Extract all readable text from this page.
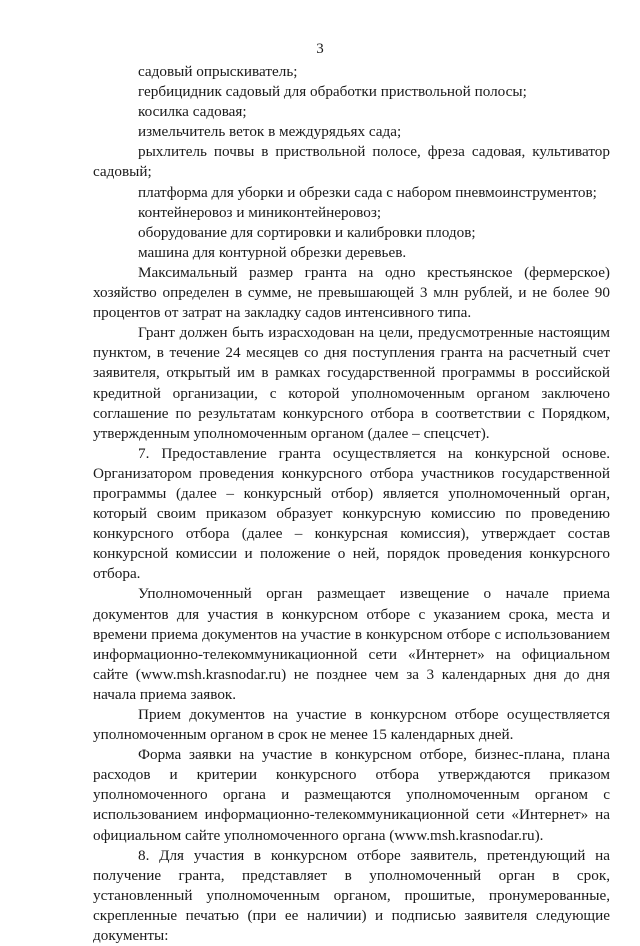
3

садовый опрыскиватель;

гербицидник садовый для обработки приствольной полосы;

косилка садовая;

измельчитель веток в междурядьях сада;

рыхлитель почвы в приствольной полосе, фреза садовая, культиватор садовый;

платформа для уборки и обрезки сада с набором пневмоинструментов;

контейнеровоз и миниконтейнеровоз;

оборудование для сортировки и калибровки плодов;

машина для контурной обрезки деревьев.

Максимальный размер гранта на одно крестьянское (фермерское) хозяйство определен в сумме, не превышающей 3 млн рублей, и не более 90 процентов от затрат на закладку садов интенсивного типа.

Грант должен быть израсходован на цели, предусмотренные настоящим пунктом, в течение 24 месяцев со дня поступления гранта на расчетный счет заявителя, открытый им в рамках государственной программы в российской кредитной организации, с которой уполномоченным органом заключено соглашение по результатам конкурсного отбора в соответствии с Порядком, утвержденным уполномоченным органом (далее – спецсчет).

7. Предоставление гранта осуществляется на конкурсной основе. Организатором проведения конкурсного отбора участников государственной программы (далее – конкурсный отбор) является уполномоченный орган, который своим приказом образует конкурсную комиссию по проведению конкурсного отбора (далее – конкурсная комиссия), утверждает состав конкурсной комиссии и положение о ней, порядок проведения конкурсного отбора.

Уполномоченный орган размещает извещение о начале приема документов для участия в конкурсном отборе с указанием срока, места и времени приема документов на участие в конкурсном отборе с использованием информационно-телекоммуникационной сети «Интернет» на официальном сайте (www.msh.krasnodar.ru) не позднее чем за 3 календарных дня до дня начала приема заявок.

Прием документов на участие в конкурсном отборе осуществляется уполномоченным органом в срок не менее 15 календарных дней.

Форма заявки на участие в конкурсном отборе, бизнес-плана, плана расходов и критерии конкурсного отбора утверждаются приказом уполномоченного органа и размещаются уполномоченным органом с использованием информационно-телекоммуникационной сети «Интернет» на официальном сайте уполномоченного органа (www.msh.krasnodar.ru).

8. Для участия в конкурсном отборе заявитель, претендующий на получение гранта, представляет в уполномоченный орган в срок, установленный уполномоченным органом, прошитые, пронумерованные, скрепленные печатью (при ее наличии) и подписью заявителя следующие документы:
